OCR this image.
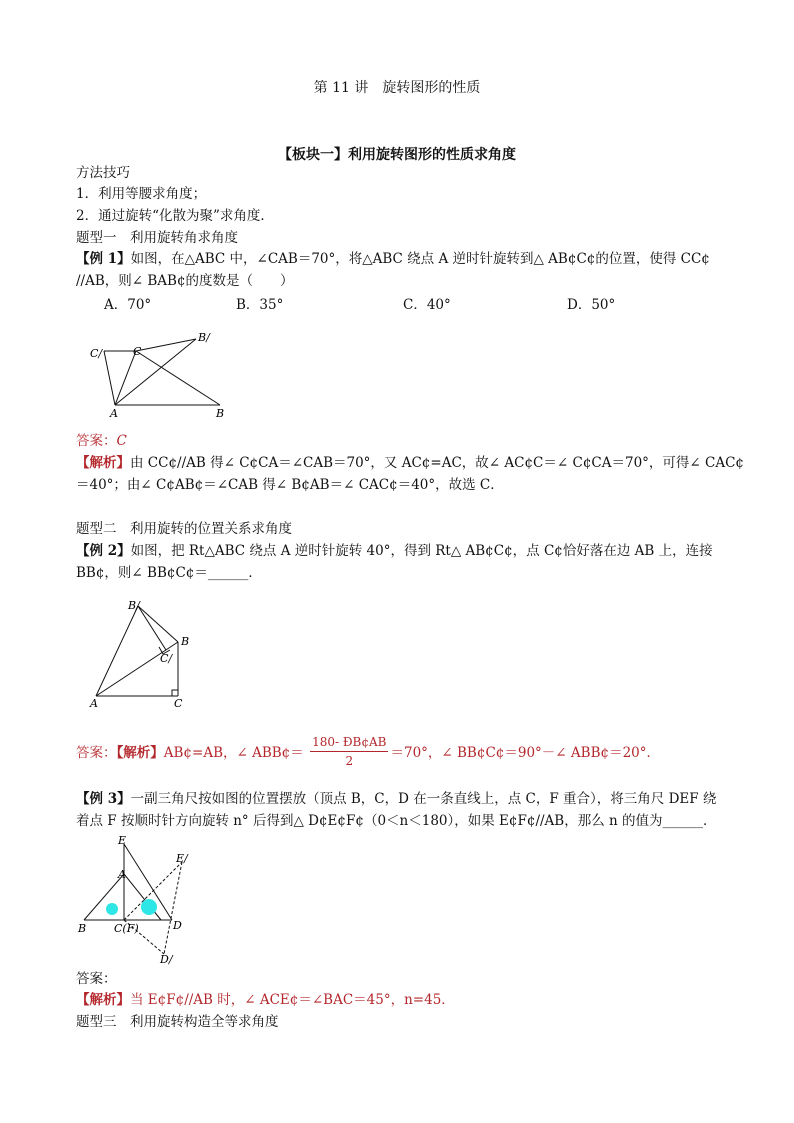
第 11 讲　旋转图形的性质
【板块一】利用旋转图形的性质求角度
方法技巧
1．利用等腰求角度；
2．通过旋转“化散为聚”求角度．
题型一　利用旋转角求角度
【例 1】如图，在△ABC 中，∠CAB＝70°，将△ABC 绕点 A 逆时针旋转到△ AB¢C¢的位置，使得 CC¢
//AB，则∠ BAB¢的度数是（　　）
A．70°	B．35°	C．40°	D．50°
C/	C
B/
A	B
答案：C
【解析】由 CC¢//AB 得∠ C¢CA＝∠CAB＝70°，又 AC¢=AC，故∠ AC¢C＝∠ C¢CA＝70°，可得∠ CAC¢
＝40°；由∠ C¢AB¢＝∠CAB 得∠ B¢AB＝∠ CAC¢＝40°，故选 C．
题型二　利用旋转的位置关系求角度
【例 2】如图，把 Rt△ABC 绕点 A 逆时针旋转 40°，得到 Rt△ AB¢C¢，点 C¢恰好落在边 AB 上，连接
BB¢，则∠ BB¢C¢＝______．
B/
B
C/
A	C
答案：【解析】AB¢=AB，∠ ABB¢＝ $\frac{180- ÐB¢AB}{2} =70^\circ$，∠ BB¢C¢＝90°－∠ ABB¢＝20°．
【例 3】一副三角尺按如图的位置摆放（顶点 B，C，D 在一条直线上，点 C，F 重合），将三角尺 DEF 绕
着点 F 按顺时针方向旋转 n° 后得到△ D¢E¢F¢（0＜n＜180），如果 E¢F¢//AB，那么 n 的值为______．
E
E/
A
B	C(F)	D
D/
答案：
【解析】当 E¢F¢//AB 时，∠ ACE¢＝∠BAC＝45°，n=45．
题型三　利用旋转构造全等求角度
